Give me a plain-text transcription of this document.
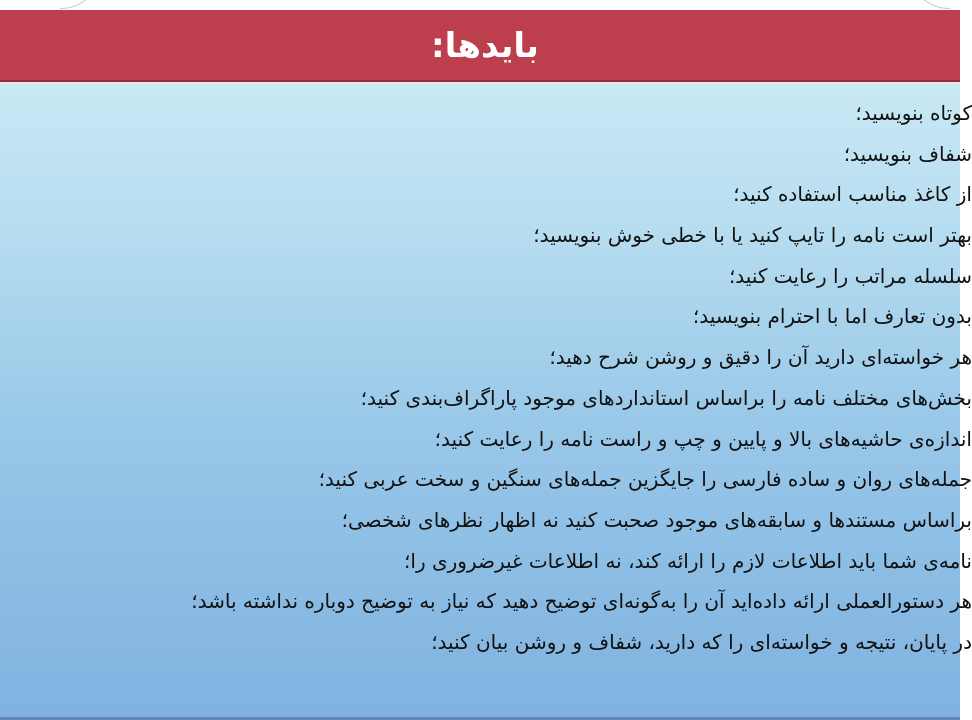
بایدها:
کوتاه بنویسید؛
شفاف بنویسید؛
از کاغذ مناسب استفاده کنید؛
بهتر است نامه را تایپ کنید یا با خطی خوش بنویسید؛
سلسله مراتب را رعایت کنید؛
بدون تعارف اما با احترام بنویسید؛
هر خواسته‌ای دارید آن را دقیق و روشن شرح دهید؛
بخش‌های مختلف نامه را براساس استانداردهای موجود پاراگراف‌بندی کنید؛
اندازه‌ی حاشیه‌های بالا و پایین و چپ و راست نامه را رعایت کنید؛
جمله‌های روان و ساده فارسی را جایگزین جمله‌های سنگین و سخت عربی کنید؛
براساس مستندها و سابقه‌های موجود صحبت کنید نه اظهار نظرهای شخصی؛
نامه‌ی شما باید اطلاعات لازم را ارائه کند، نه اطلاعات غیرضروری را؛
هر دستورالعملی ارائه داده‌اید آن را به‌گونه‌ای توضیح دهید که نیاز به توضیح دوباره نداشته باشد؛
در پایان، نتیجه و خواسته‌ای را که دارید، شفاف و روشن بیان کنید؛
